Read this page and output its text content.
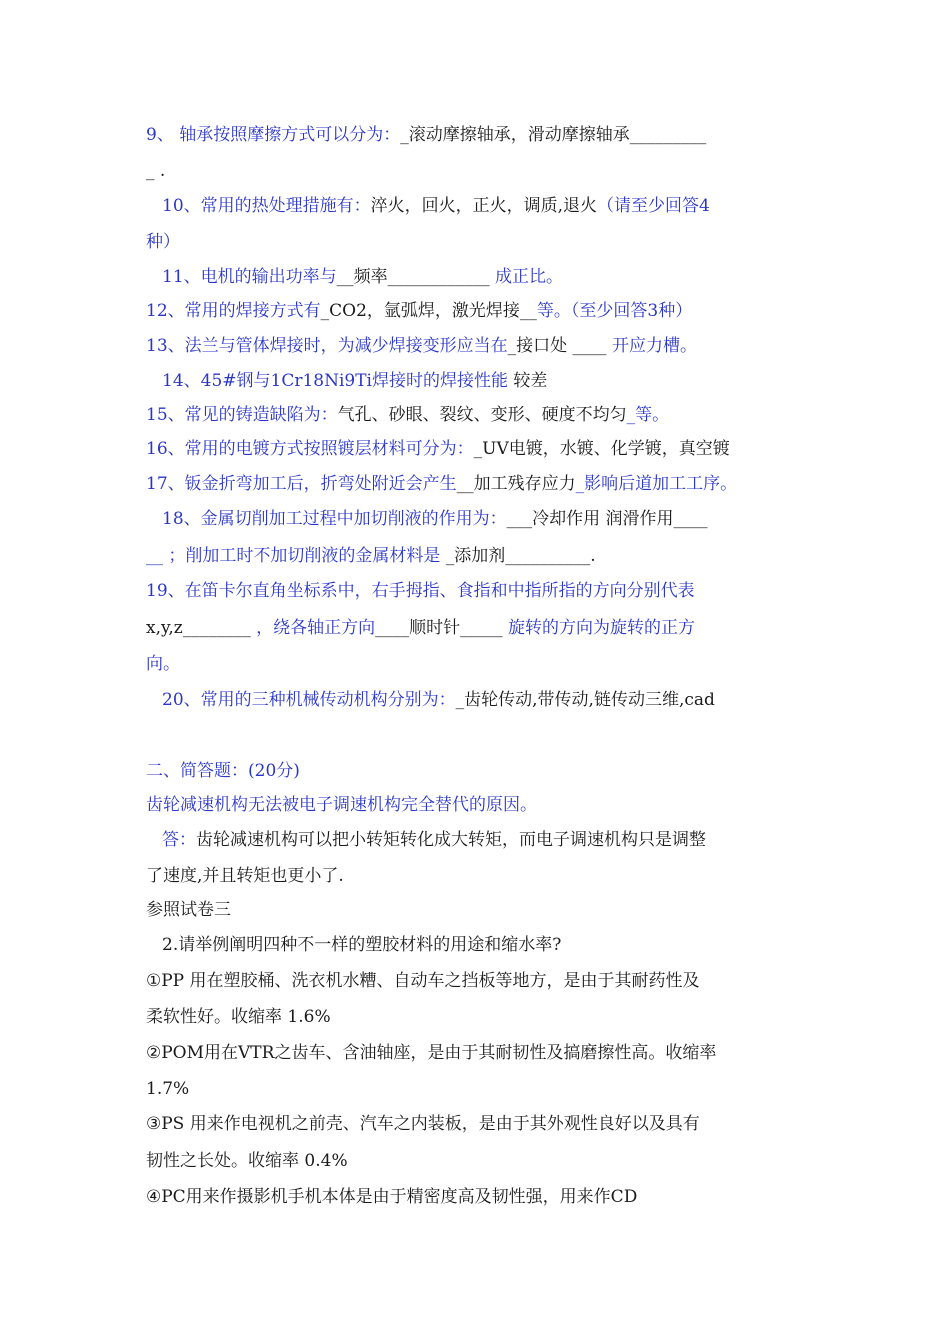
9、 轴承按照摩擦方式可以分为：_滚动摩擦轴承，滑动摩擦轴承_________
_ .
10、常用的热处理措施有：淬火，回火，正火，调质,退火（请至少回答4
种）
11、电机的输出功率与__频率____________ 成正比。
12、常用的焊接方式有_CO2，氩弧焊，激光焊接__等。（至少回答3种）
13、法兰与管体焊接时，为减少焊接变形应当在_接口处 ____ 开应力槽。
14、45#钢与1Cr18Ni9Ti焊接时的焊接性能 较差
15、常见的铸造缺陷为：气孔、砂眼、裂纹、变形、硬度不均匀_等。
16、常用的电镀方式按照镀层材料可分为：_UV电镀，水镀、化学镀，真空镀
17、钣金折弯加工后，折弯处附近会产生__加工残存应力_影响后道加工工序。
18、金属切削加工过程中加切削液的作用为：___冷却作用 润滑作用____
__ ；削加工时不加切削液的金属材料是 _添加剂__________.
19、在笛卡尔直角坐标系中，右手拇指、食指和中指所指的方向分别代表
x,y,z________ ，绕各轴正方向____顺时针_____ 旋转的方向为旋转的正方
向。
20、常用的三种机械传动机构分别为：_齿轮传动,带传动,链传动三维,cad
二、简答题：(20分)
齿轮减速机构无法被电子调速机构完全替代的原因。
答：齿轮减速机构可以把小转矩转化成大转矩，而电子调速机构只是调整
了速度,并且转矩也更小了.
参照试卷三
2.请举例阐明四种不一样的塑胶材料的用途和缩水率?
①PP 用在塑胶桶、洗衣机水糟、自动车之挡板等地方，是由于其耐药性及
柔软性好。收缩率 1.6%
②POM用在VTR之齿车、含油轴座，是由于其耐韧性及搞磨擦性高。收缩率
1.7%
③PS 用来作电视机之前壳、汽车之内装板，是由于其外观性良好以及具有
韧性之长处。收缩率 0.4%
④PC用来作摄影机手机本体是由于精密度高及韧性强，用来作CD
